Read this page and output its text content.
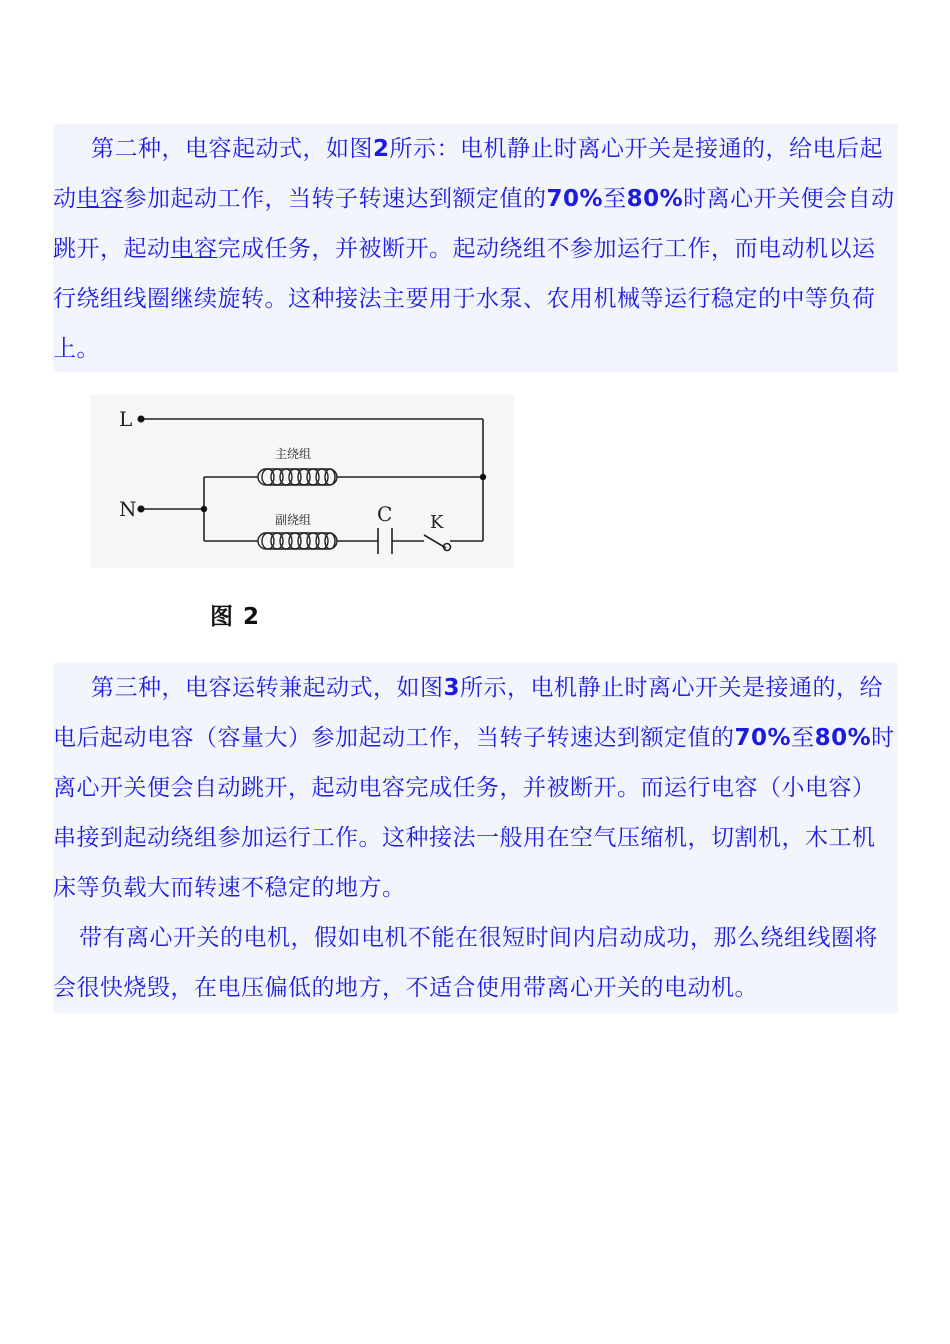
第二种，电容起动式，如图2所示：电机静止时离心开关是接通的，给电后起动电容参加起动工作，当转子转速达到额定值的70%至80%时离心开关便会自动跳开，起动电容完成任务，并被断开。起动绕组不参加运行工作，而电动机以运行绕组线圈继续旋转。这种接法主要用于水泵、农用机械等运行稳定的中等负荷上。

L
N
主绕组
副绕组	C K
图 2

第三种，电容运转兼起动式，如图3所示，电机静止时离心开关是接通的，给电后起动电容（容量大）参加起动工作，当转子转速达到额定值的70%至80%时离心开关便会自动跳开，起动电容完成任务，并被断开。而运行电容（小电容）串接到起动绕组参加运行工作。这种接法一般用在空气压缩机，切割机，木工机床等负载大而转速不稳定的地方。

带有离心开关的电机，假如电机不能在很短时间内启动成功，那么绕组线圈将会很快烧毁，在电压偏低的地方，不适合使用带离心开关的电动机。
